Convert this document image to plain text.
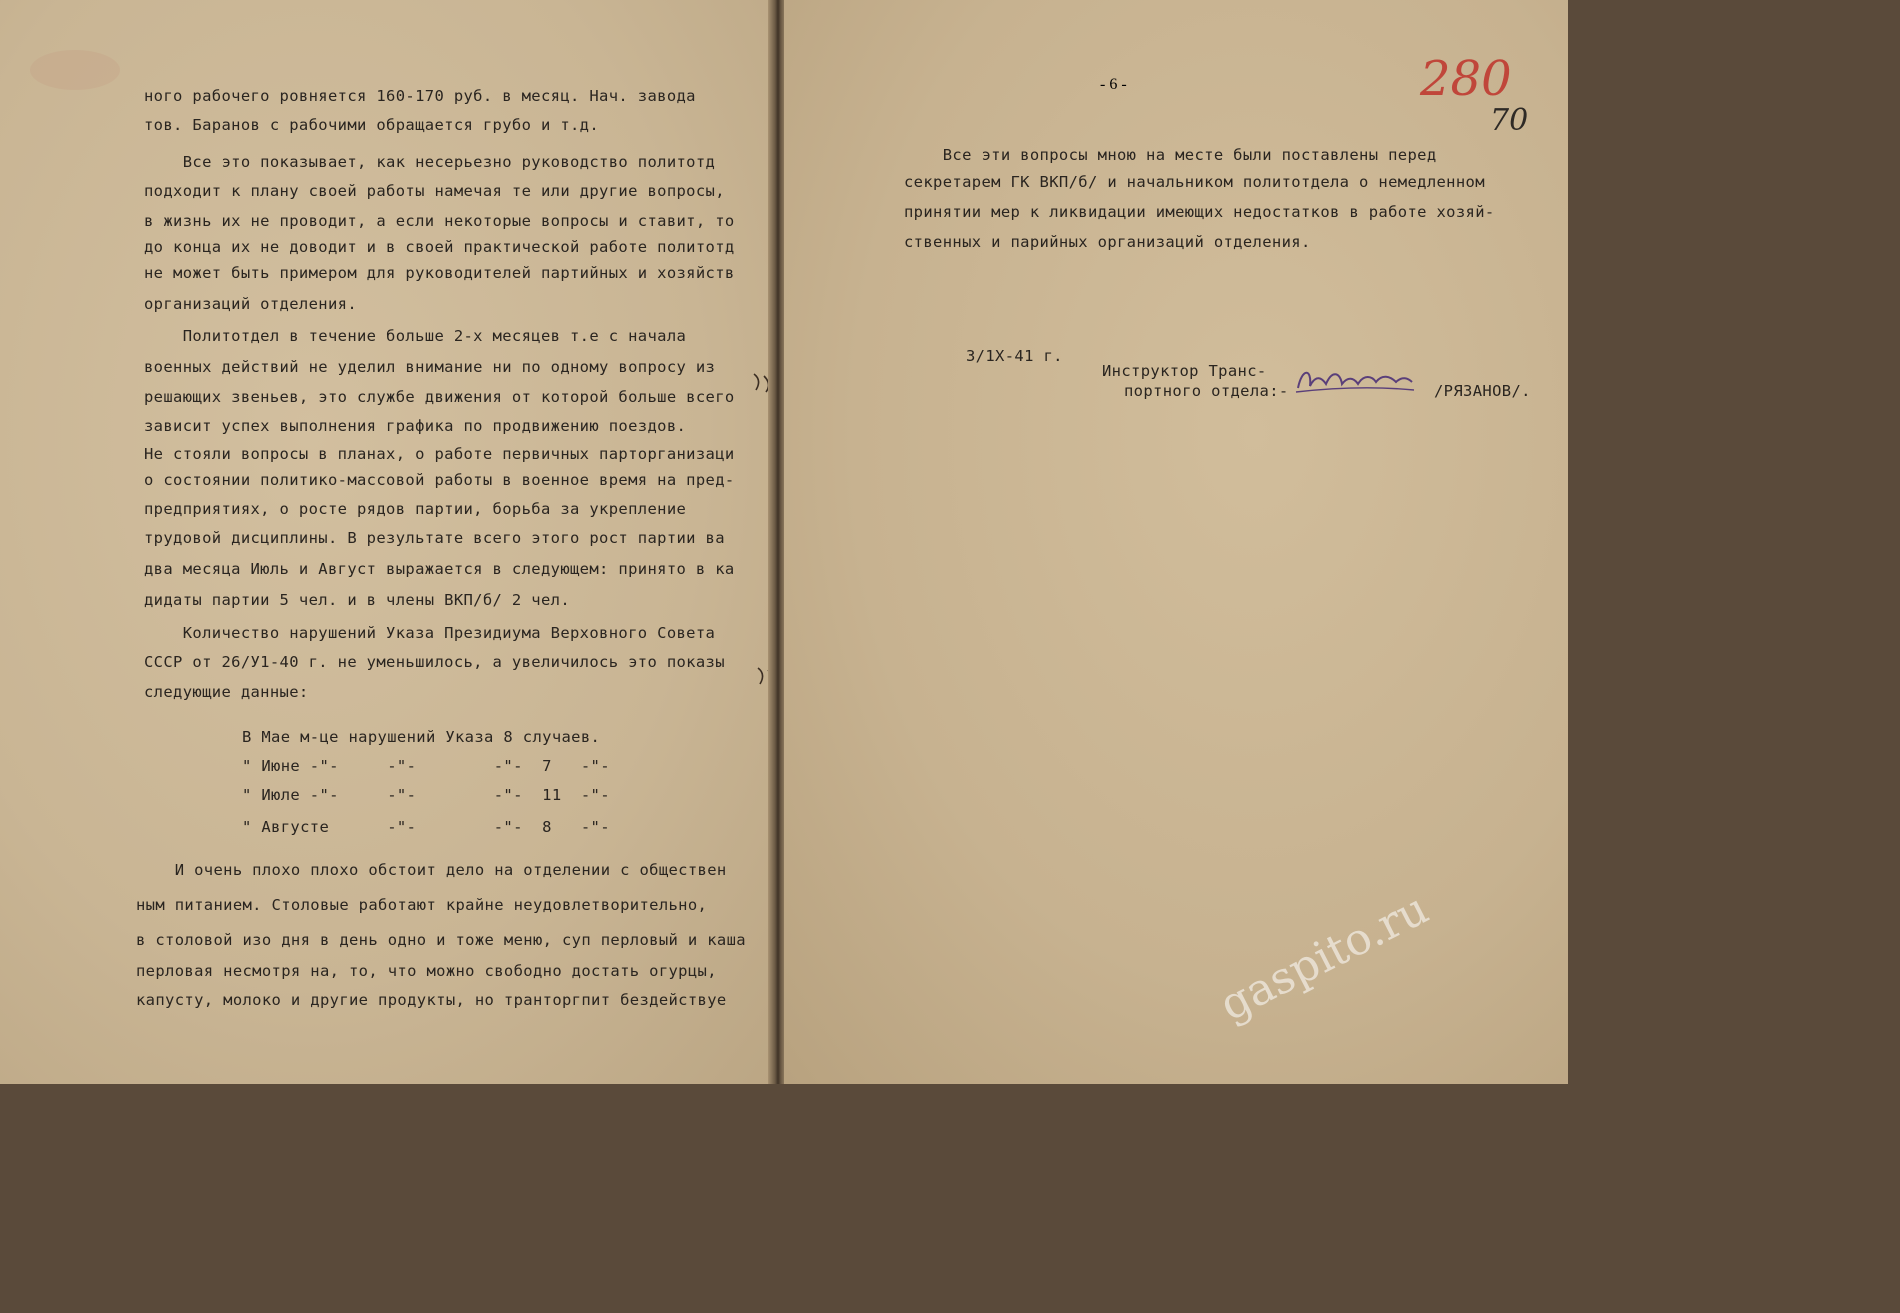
ного рабочего ровняется 160-170 руб. в месяц. Нач. завода
тов. Баранов с рабочими обращается грубо и т.д.
Все это показывает, как несерьезно руководство политотд
подходит к плану своей работы намечая те или другие вопросы,
в жизнь их не проводит, а если некоторые вопросы и ставит, то
до конца их не доводит и в своей практической работе политотд
не может быть примером для руководителей партийных и хозяйств
организаций отделения.
Политотдел в течение больше 2-х месяцев т.е с начала
военных действий не уделил внимание ни по одному вопросу из
решающих звеньев, это службе движения от которой больше всего
зависит успех выполнения графика по продвижению поездов.
Не стояли вопросы в планах, о работе первичных парторганизаци
о состоянии политико-массовой работы в военное время на пред-
предприятиях, о росте рядов партии, борьба за укрепление
трудовой дисциплины. В результате всего этого рост партии ва
два месяца Июль и Август выражается в следующем: принято в ка
дидаты партии 5 чел. и в члены ВКП/б/ 2 чел.
Количество нарушений Указа Президиума Верховного Совета
СССР от 26/У1-40 г. не уменьшилось, а увеличилось это показы
следующие данные:
В Мае м-це нарушений Указа 8 случаев.
" Июне -"-     -"-        -"-  7   -"-
" Июле -"-     -"-        -"-  11  -"-
" Августе      -"-        -"-  8   -"-
И очень плохо плохо обстоит дело на отделении с обществен
ным питанием. Столовые работают крайне неудовлетворительно,
в столовой изо дня в день одно и тоже меню, суп перловый и каша
перловая несмотря на, то, что можно свободно достать огурцы,
капусту, молоко и другие продукты, но транторгпит бездействуе
- 6 -	280
70
Все эти вопросы мною на месте были поставлены перед
секретарем ГК ВКП/б/ и начальником политотдела о немедленном
принятии мер к ликвидации имеющих недостатков в работе хозяй-
ственных и парийных организаций отделения.
3/1Х-41 г.
Инструктор Транс-
портного отдела:-	/РЯЗАНОВ/.
gaspito.ru
